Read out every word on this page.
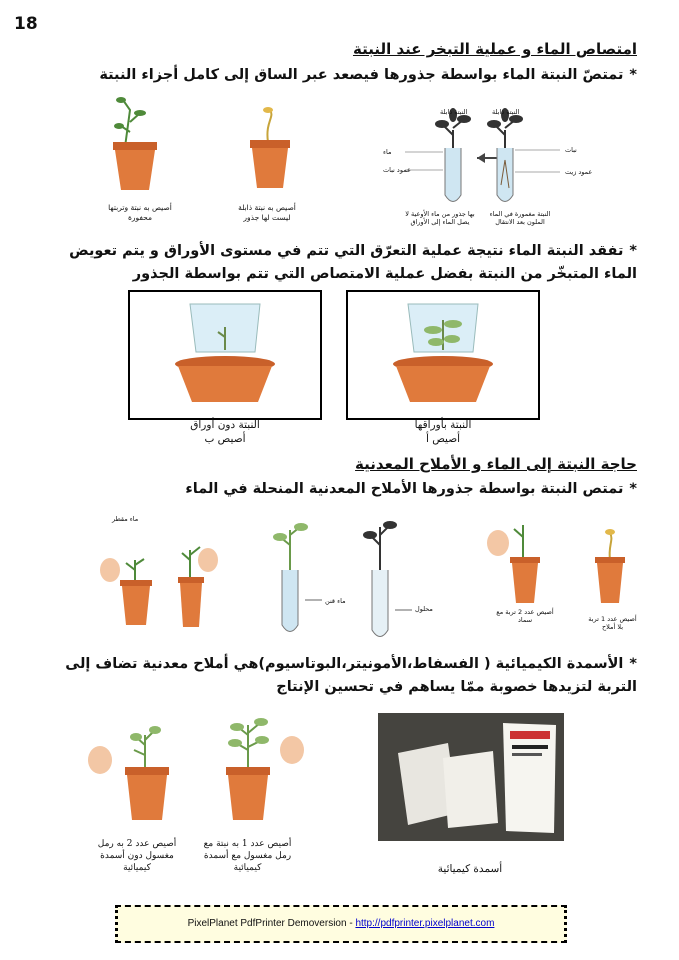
18
امتصاص الماء و عملية التبخر عند النبتة
*تمتصّ النبتة الماء بواسطة جذورها فيصعد عبر الساق إلى كامل أجزاء النبتة
أصيص به نبتة وتربتها محفورة
أصيص به نبتة ذابلة ليست لها جذور
النبتة ذابلة	النبتة ذابلة
ماء
عمود نبات
نبات
عمود زيت
بها جذور من ماء الأوعية لا يصل الماء إلى الأوراق
النبتة مغمورة في الماء الملون بعد الانتقال
*تفقد النبتة الماء نتيجة عملية التعرّق التي تتم في مستوى الأوراق و يتم تعويض الماء المتبخّر من النبتة بفضل عملية الامتصاص التي تتم بواسطة الجذور
النبتة دون أوراق
أصيص ب
النبتة بأوراقها
أصيص أ
حاجة النبتة إلى الماء و الأملاح المعدنية
*تمتص النبتة بواسطة جذورها الأملاح المعدنية المنحلة في الماء
ماء مقطر
ماء قنن
محلول	أصيص عدد 2 تربة مع سماد	أصيص عدد 1 تربة بلا أملاح
*الأسمدة الكيميائية ( الفسفاط،الأمونيتر،البوتاسيوم)هي أملاح معدنية تضاف إلى التربة لتزيدها خصوبة ممّا يساهم في تحسين الإنتاج
أصيص عدد 2 به رمل مغسول دون أسمدة كيميائية
أصيص عدد 1 به نبتة مع رمل مغسول مع أسمدة كيميائية	أسمدة كيميائية
PixelPlanet PdfPrinter Demoversion - http://pdfprinter.pixelplanet.com
